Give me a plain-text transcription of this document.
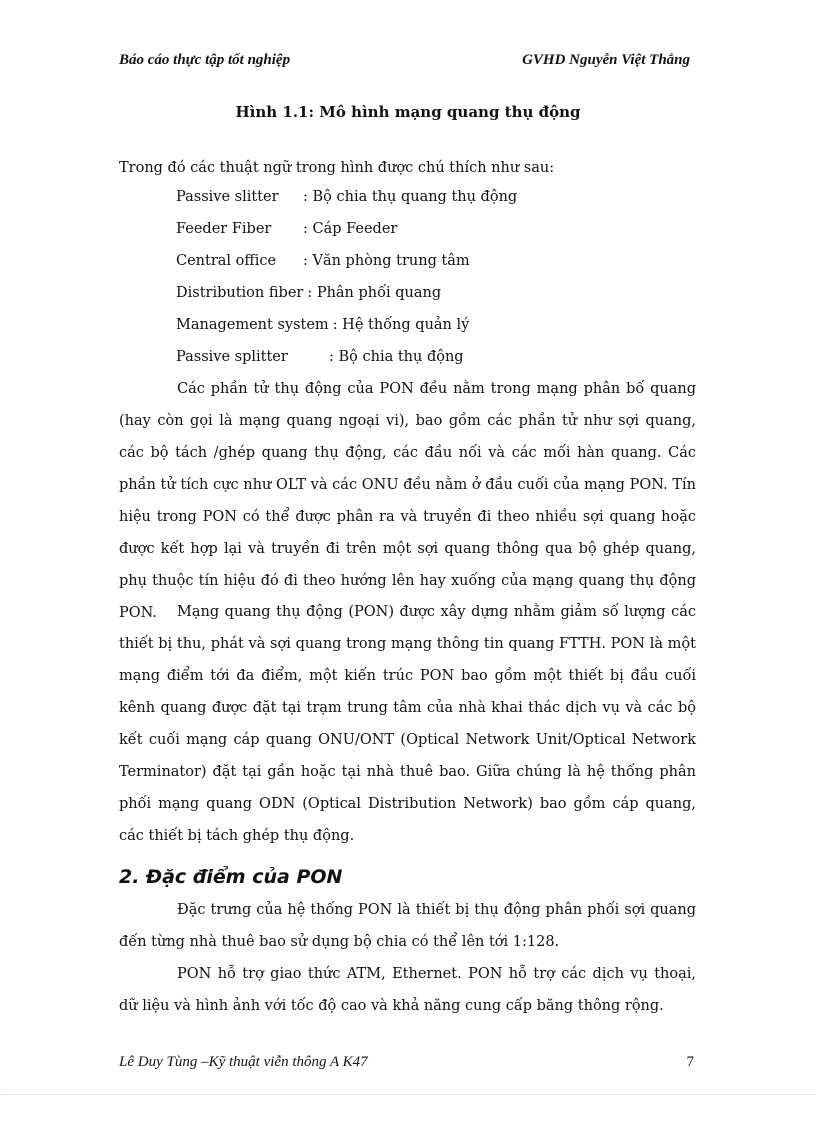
Báo cáo thực tập tốt nghiệp	GVHD Nguyễn Việt Thắng
Hình 1.1: Mô hình mạng quang thụ động
Trong đó các thuật ngữ trong hình được chú thích như sau:
Passive slitter	: Bộ chia thụ quang thụ động
Feeder Fiber	: Cáp Feeder
Central office	: Văn phòng trung tâm
Distribution fiber : Phân phối quang
Management system : Hệ thống quản lý
Passive splitter	: Bộ chia thụ động

Các phần tử thụ động của PON đều nằm trong mạng phân bố quang (hay còn gọi là mạng quang ngoại vi), bao gồm các phần tử như sợi quang, các bộ tách /ghép quang thụ động, các đầu nối và các mối hàn quang. Các phần tử tích cực như OLT và các ONU đều nằm ở đầu cuối của mạng PON. Tín hiệu trong PON có thể được phân ra và truyền đi theo nhiều sợi quang hoặc được kết hợp lại và truyền đi trên một sợi quang thông qua bộ ghép quang, phụ thuộc tín hiệu đó đi theo hướng lên hay xuống của mạng quang thụ động PON.	Mạng quang thụ động (PON) được xây dựng nhằm giảm số lượng các thiết bị thu, phát và sợi quang trong mạng thông tin quang FTTH. PON là một mạng điểm tới đa điểm, một kiến trúc PON bao gồm một thiết bị đầu cuối kênh quang được đặt tại trạm trung tâm của nhà khai thác dịch vụ và các bộ kết cuối mạng cáp quang ONU/ONT (Optical Network Unit/Optical Network Terminator) đặt tại gần hoặc tại nhà thuê bao. Giữa chúng là hệ thống phân phối mạng quang ODN (Optical Distribution Network) bao gồm cáp quang, các thiết bị tách ghép thụ động.

2. Đặc điểm của PON

Đặc trưng của hệ thống PON là thiết bị thụ động phân phối sợi quang đến từng nhà thuê bao sử dụng bộ chia có thể lên tới 1:128.

PON hỗ trợ giao thức ATM, Ethernet. PON hỗ trợ các dịch vụ thoại, dữ liệu và hình ảnh với tốc độ cao và khả năng cung cấp băng thông rộng.

Lê Duy Tùng –Kỹ thuật viễn thông A K47	7
